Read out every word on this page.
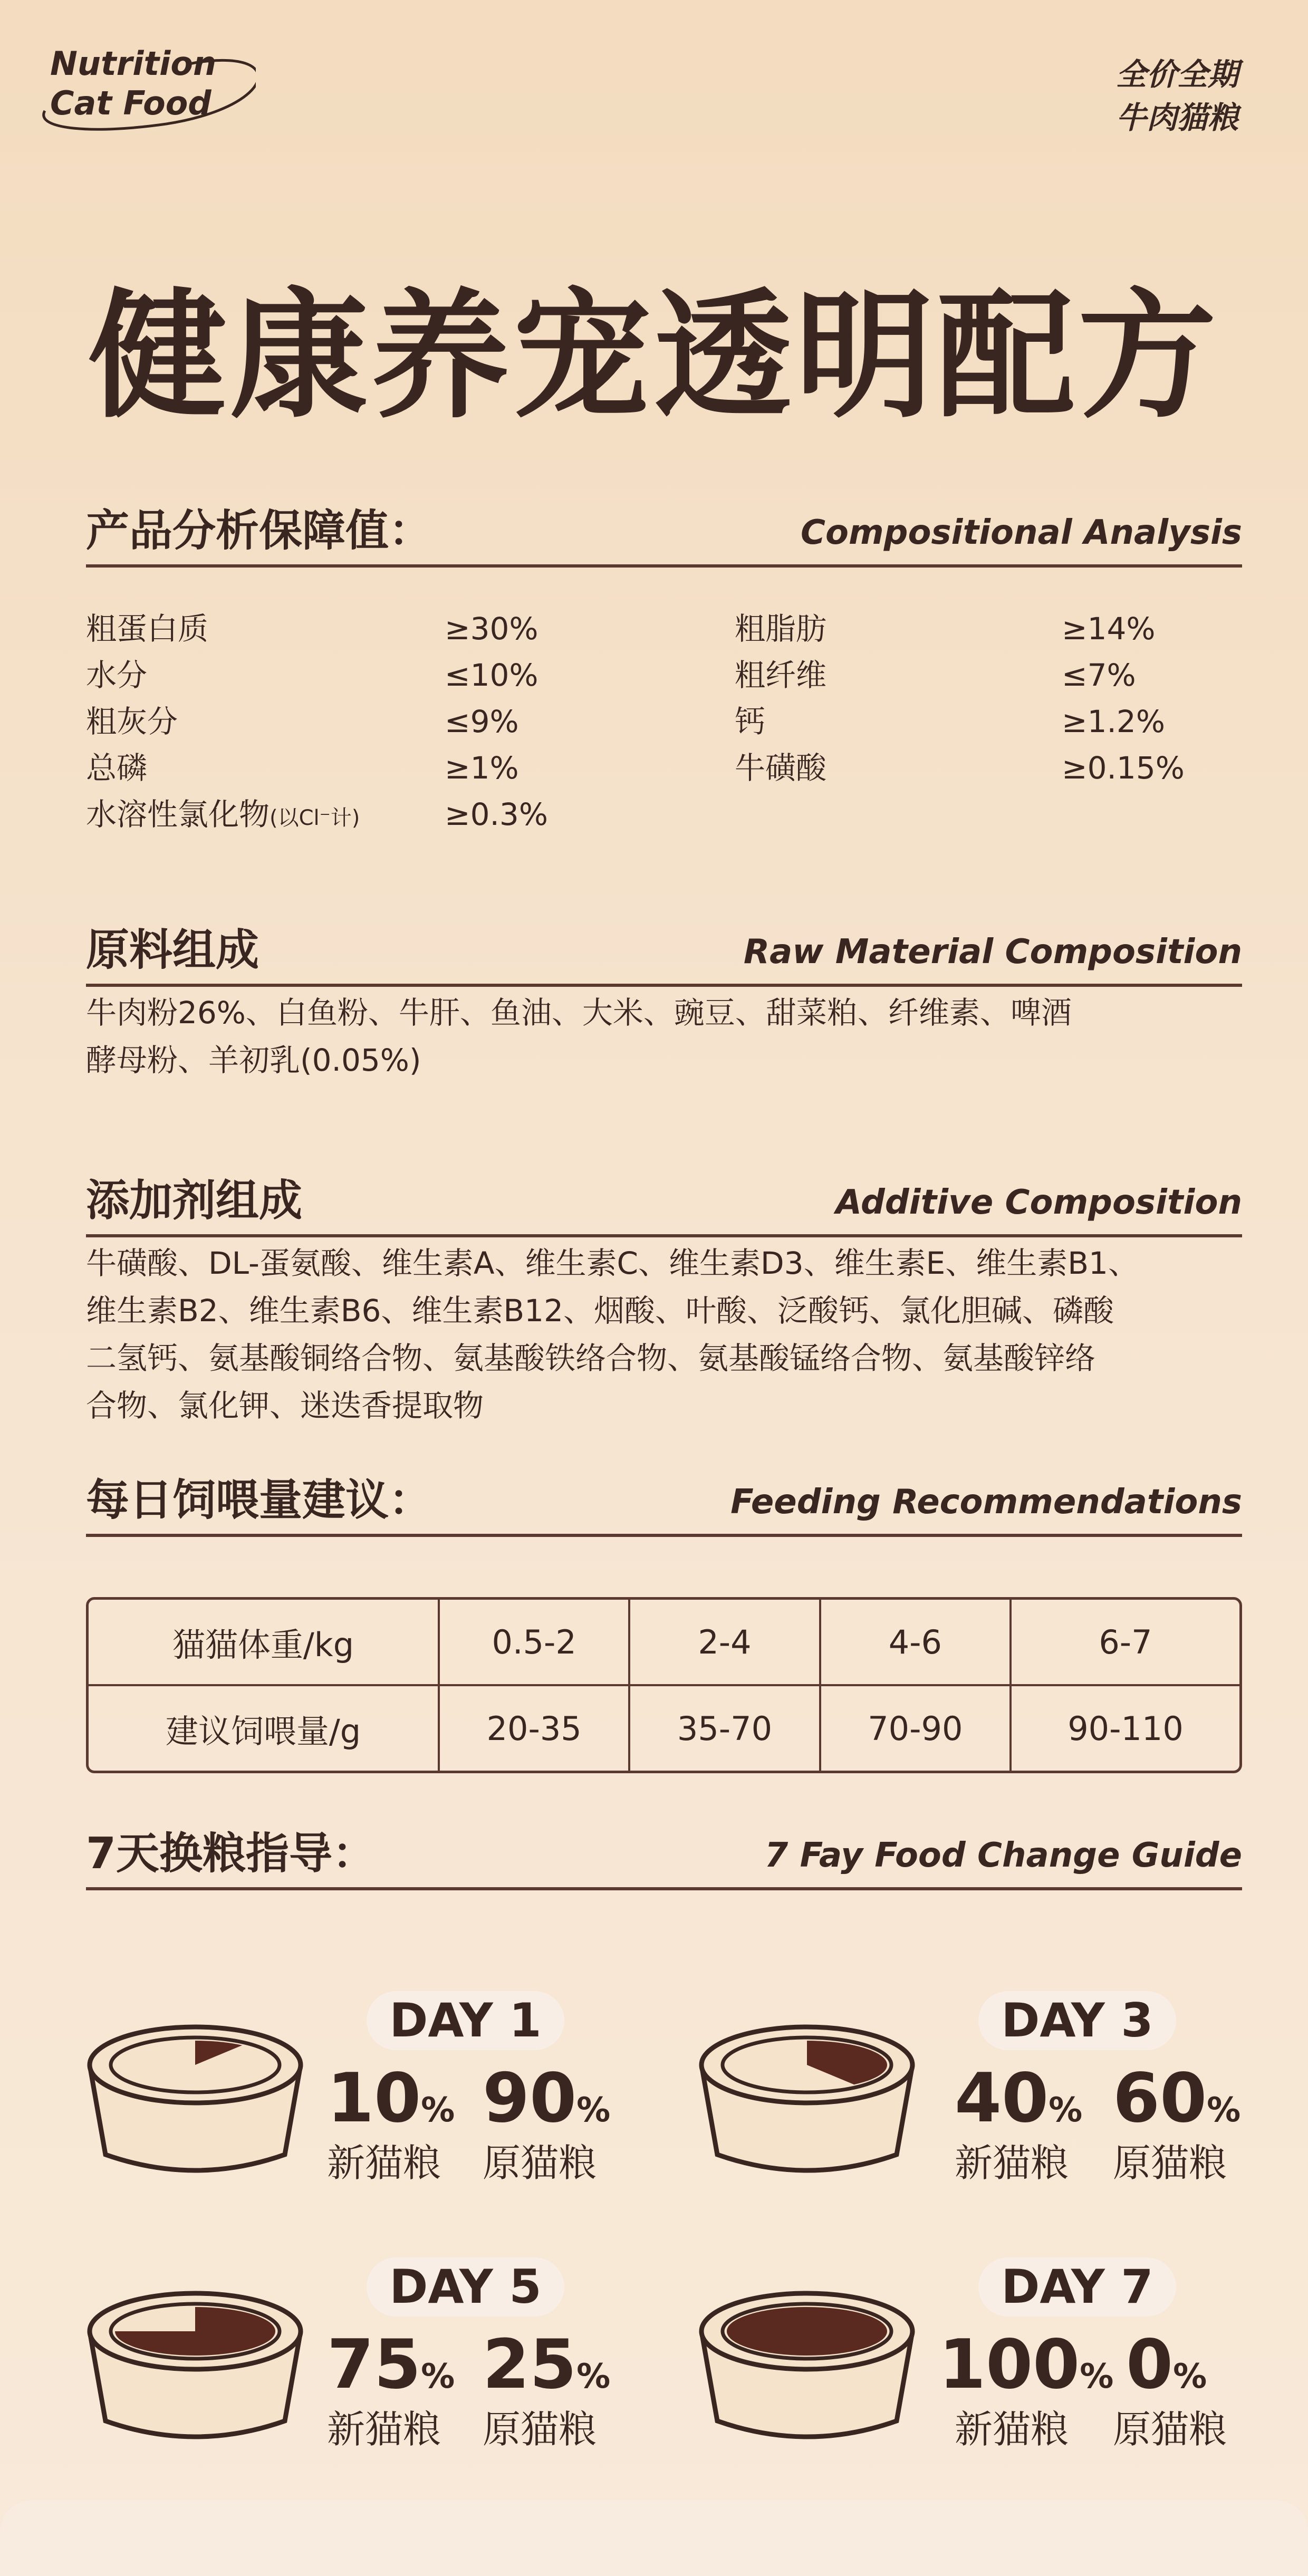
Nutrition
Cat Food
全价全期
牛肉猫粮
健康养宠透明配方
产品分析保障值：	Compositional Analysis
粗蛋白质	≥30%	粗脂肪	≥14%
水分	≤10%	粗纤维	≤7%
粗灰分	≤9%	钙	≥1.2%
总磷	≥1%	牛磺酸	≥0.15%
水溶性氯化物(以Cl⁻计)	≥0.3%
原料组成	Raw Material Composition
牛肉粉26%、白鱼粉、牛肝、鱼油、大米、豌豆、甜菜粕、纤维素、啤酒
酵母粉、羊初乳(0.05%)
添加剂组成	Additive Composition
牛磺酸、DL-蛋氨酸、维生素A、维生素C、维生素D3、维生素E、维生素B1、
维生素B2、维生素B6、维生素B12、烟酸、叶酸、泛酸钙、氯化胆碱、磷酸
二氢钙、氨基酸铜络合物、氨基酸铁络合物、氨基酸锰络合物、氨基酸锌络
合物、氯化钾、迷迭香提取物
每日饲喂量建议：	Feeding Recommendations
猫猫体重/kg	0.5-2	2-4	4-6	6-7
建议饲喂量/g	20-35	35-70	70-90	90-110
7天换粮指导：	7 Fay Food Change Guide
DAY 1
10% 90%
新猫粮 原猫粮
DAY 3
40% 60%
新猫粮 原猫粮
DAY 5
75% 25%
新猫粮 原猫粮
DAY 7
100% 0%
新猫粮 原猫粮
